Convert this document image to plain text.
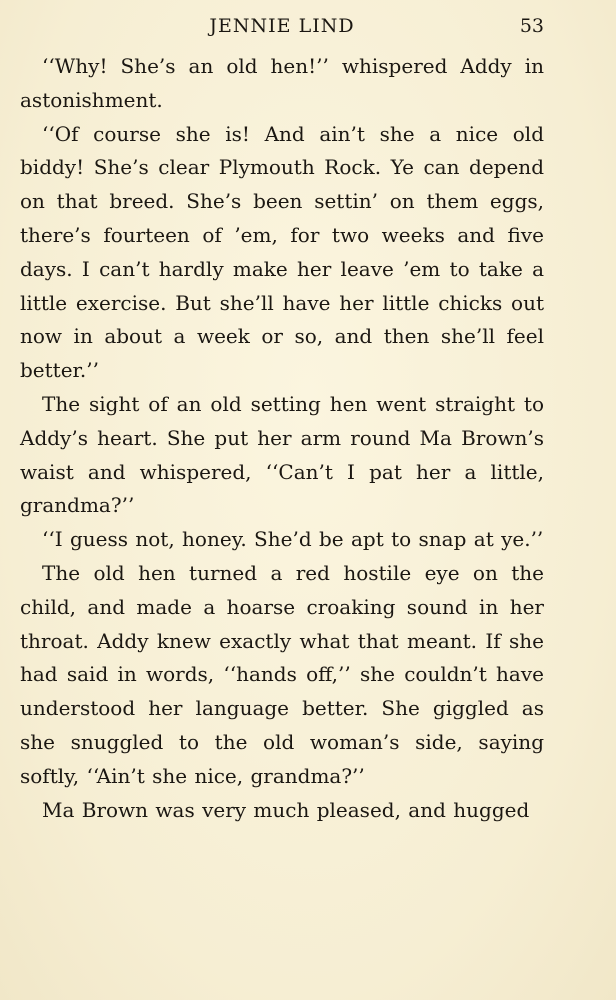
JENNIE LIND	53

‘‘Why! She’s an old hen!’’ whispered Addy in astonishment.

‘‘Of course she is! And ain’t she a nice old biddy! She’s clear Plymouth Rock. Ye can depend on that breed. She’s been settin’ on them eggs, there’s fourteen of ’em, for two weeks and five days. I can’t hardly make her leave ’em to take a little exercise. But she’ll have her little chicks out now in about a week or so, and then she’ll feel better.’’

The sight of an old setting hen went straight to Addy’s heart. She put her arm round Ma Brown’s waist and whispered, ‘‘Can’t I pat her a little, grandma?’’

‘‘I guess not, honey. She’d be apt to snap at ye.’’

The old hen turned a red hostile eye on the child, and made a hoarse croaking sound in her throat. Addy knew exactly what that meant. If she had said in words, ‘‘hands off,’’ she couldn’t have understood her language better. She giggled as she snuggled to the old woman’s side, saying softly, ‘‘Ain’t she nice, grandma?’’

Ma Brown was very much pleased, and hugged
